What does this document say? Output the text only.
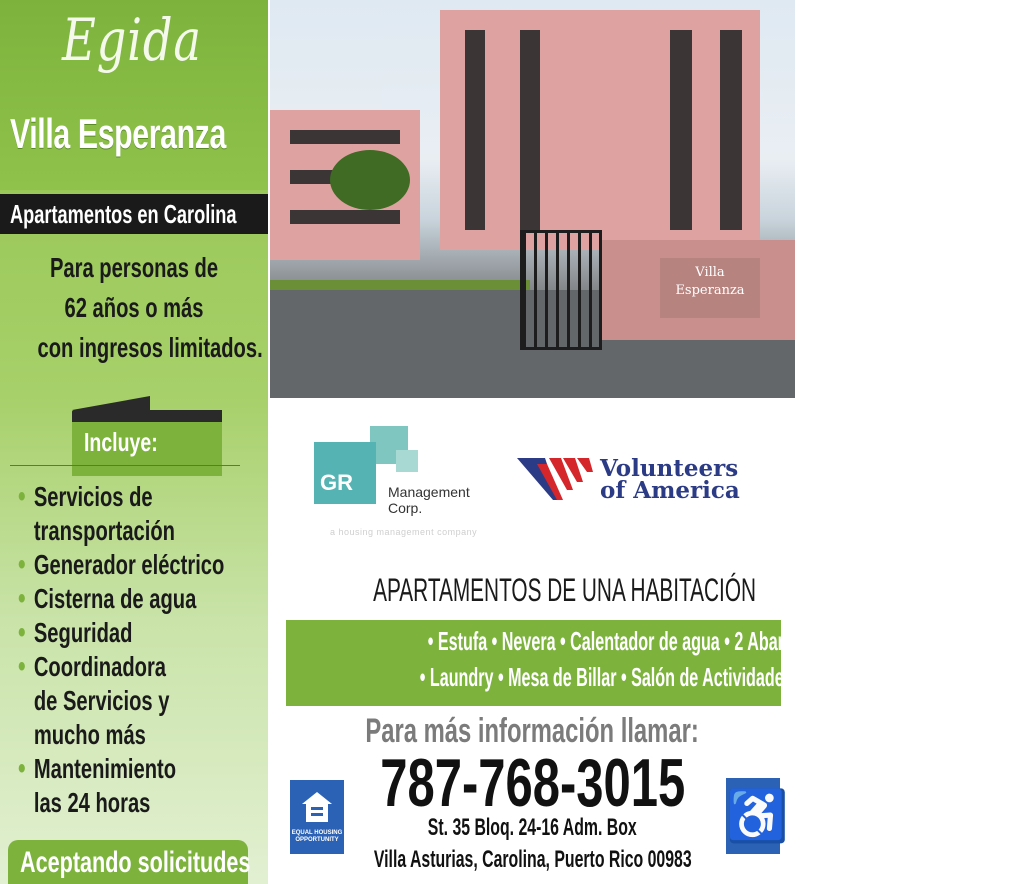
Egida
Villa Esperanza
Apartamentos en Carolina
Para personas de
62 años o más
con ingresos limitados.
Incluye:
• Servicios de
transportación
• Generador eléctrico
• Cisterna de agua
• Seguridad
• Coordinadora
de Servicios y
mucho más
• Mantenimiento
las 24 horas
Aceptando solicitudes
Villa
Esperanza
GR	Management
Corp.
a housing management company
Volunteers
of America
APARTAMENTOS DE UNA HABITACIÓN
• Estufa • Nevera • Calentador de agua • 2 Abanicos de techo
• Laundry • Mesa de Billar • Salón de Actividades y más...
Para más información llamar:
787-768-3015
St. 35 Bloq. 24-16 Adm. Box
Villa Asturias, Carolina, Puerto Rico 00983
EQUAL HOUSING
OPPORTUNITY	♿
